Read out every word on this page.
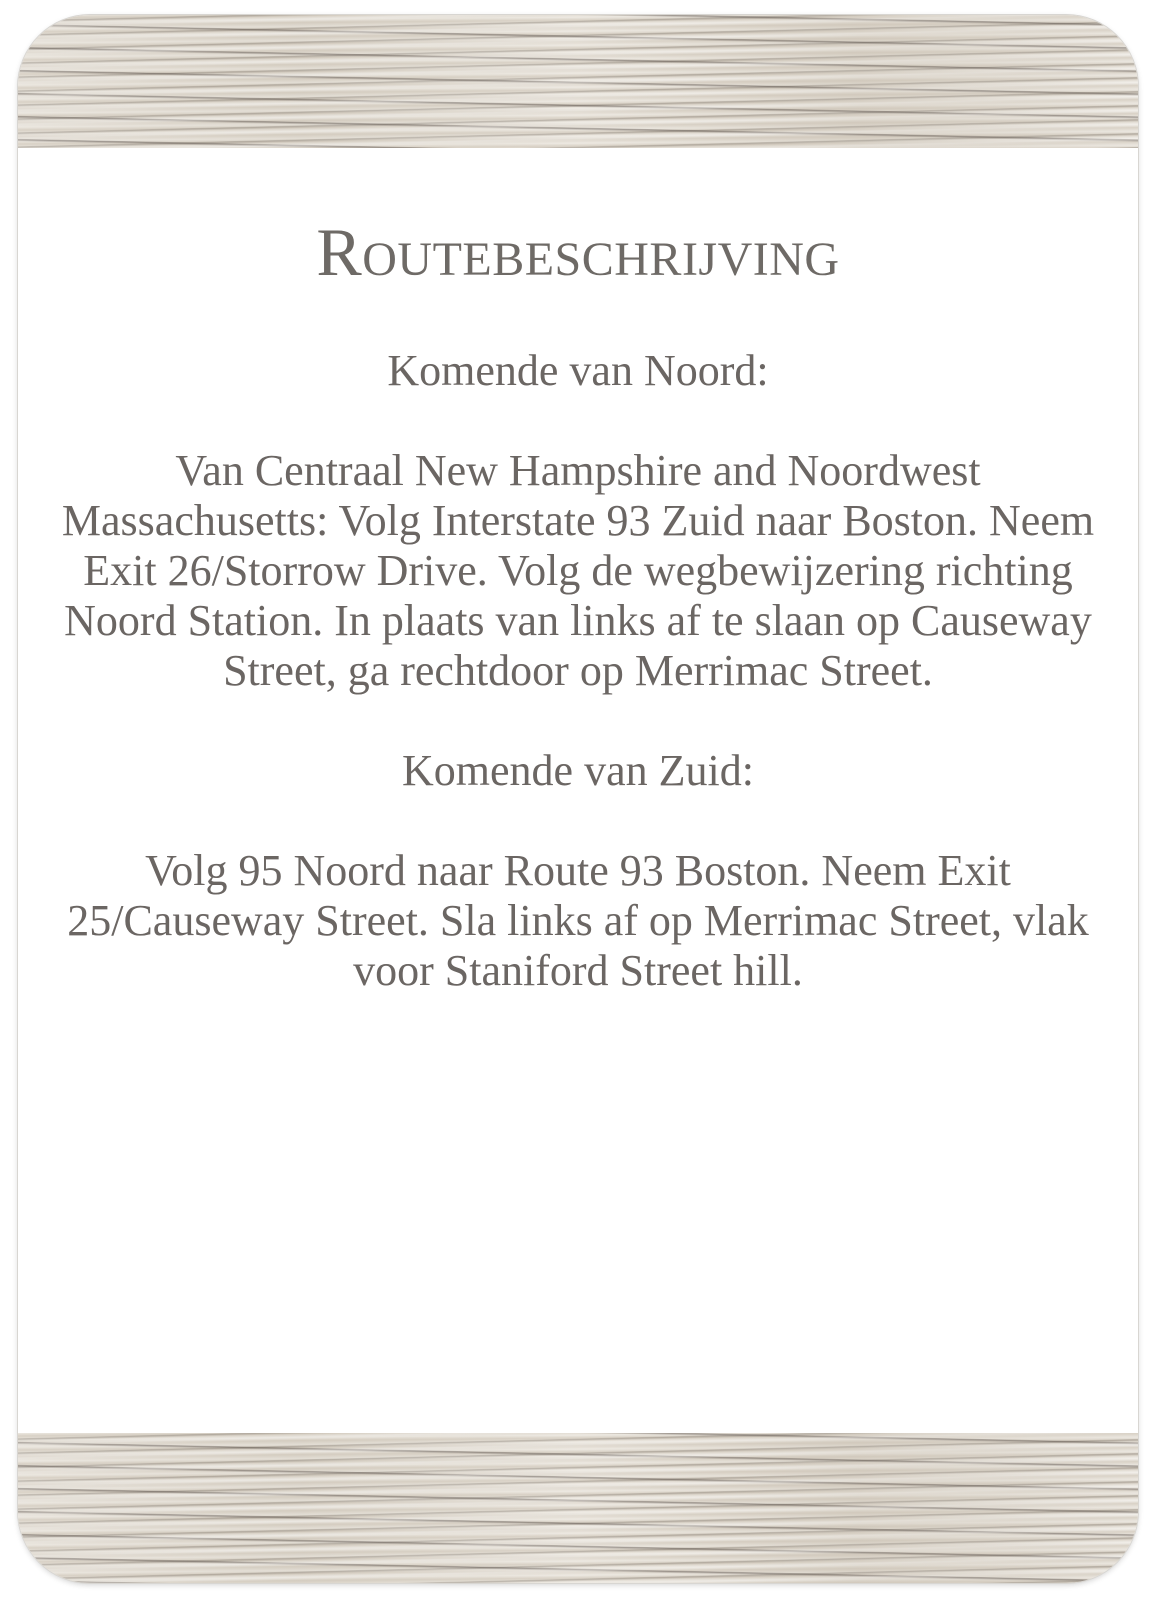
Routebeschrijving

Komende van Noord:

Van Centraal New Hampshire and Noordwest Massachusetts: Volg Interstate 93 Zuid naar Boston. Neem Exit 26/Storrow Drive. Volg de wegbewijzering richting Noord Station. In plaats van links af te slaan op Causeway Street, ga rechtdoor op Merrimac Street.

Komende van Zuid:

Volg 95 Noord naar Route 93 Boston. Neem Exit 25/Causeway Street. Sla links af op Merrimac Street, vlak voor Staniford Street hill.
